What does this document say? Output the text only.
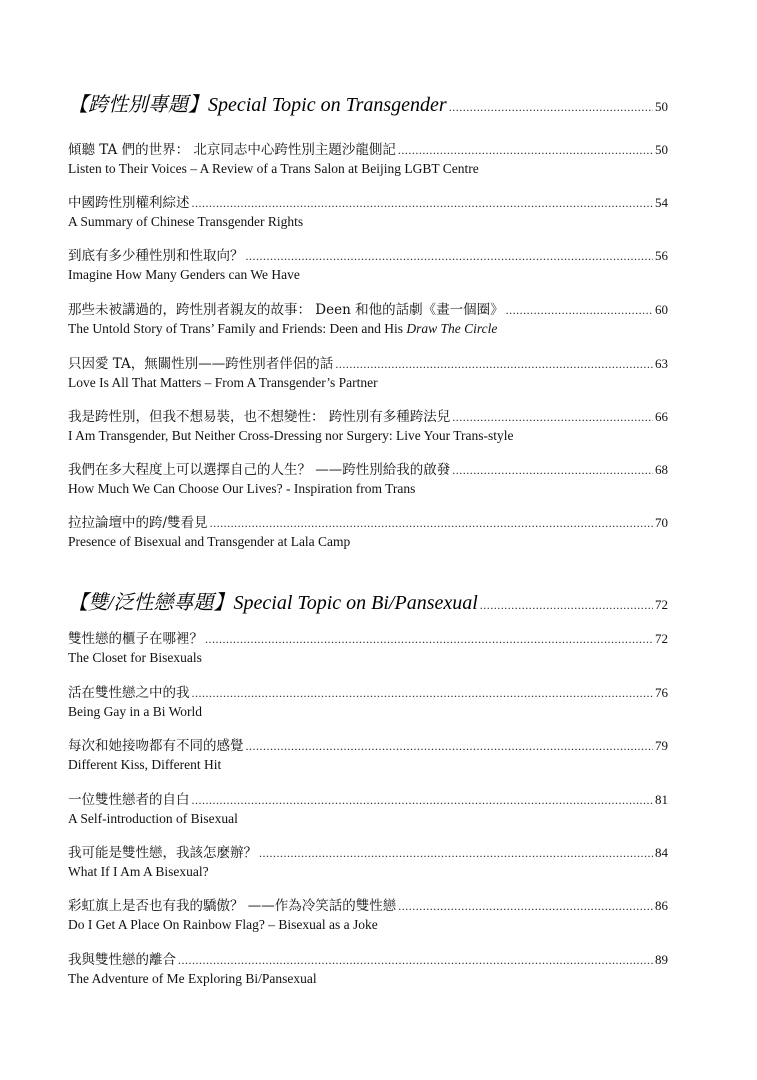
【跨性別專題】Special Topic on Transgender .....	50
傾聽 TA 們的世界： 北京同志中心跨性別主題沙龍側記 .....	50
Listen to Their Voices – A Review of a Trans Salon at Beijing LGBT Centre
中國跨性別權利綜述 .....	54
A Summary of Chinese Transgender Rights
到底有多少種性別和性取向？ .....	56
Imagine How Many Genders can We Have
那些未被講過的，跨性別者親友的故事： Deen 和他的話劇《畫一個圈》 .....	60
The Untold Story of Trans’ Family and Friends: Deen and His Draw The Circle
只因愛 TA，無關性別——跨性別者伴侶的話 .....	63
Love Is All That Matters – From A Transgender’s Partner
我是跨性別，但我不想易裝，也不想變性： 跨性別有多種跨法兒 .....	66
I Am Transgender, But Neither Cross-Dressing nor Surgery: Live Your Trans-style
我們在多大程度上可以選擇自己的人生？ ——跨性別給我的啟發 .....	68
How Much We Can Choose Our Lives? - Inspiration from Trans
拉拉論壇中的跨/雙看見 .....	70
Presence of Bisexual and Transgender at Lala Camp
【雙/泛性戀專題】Special Topic on Bi/Pansexual .....	72
雙性戀的櫃子在哪裡？ .....	72
The Closet for Bisexuals
活在雙性戀之中的我 .....	76
Being Gay in a Bi World
每次和她接吻都有不同的感覺 .....	79
Different Kiss, Different Hit
一位雙性戀者的自白 .....	81
A Self-introduction of Bisexual
我可能是雙性戀，我該怎麼辦？ .....	84
What If I Am A Bisexual?
彩虹旗上是否也有我的驕傲？ ——作為冷笑話的雙性戀 .....	86
Do I Get A Place On Rainbow Flag? – Bisexual as a Joke
我與雙性戀的離合 .....	89
The Adventure of Me Exploring Bi/Pansexual
